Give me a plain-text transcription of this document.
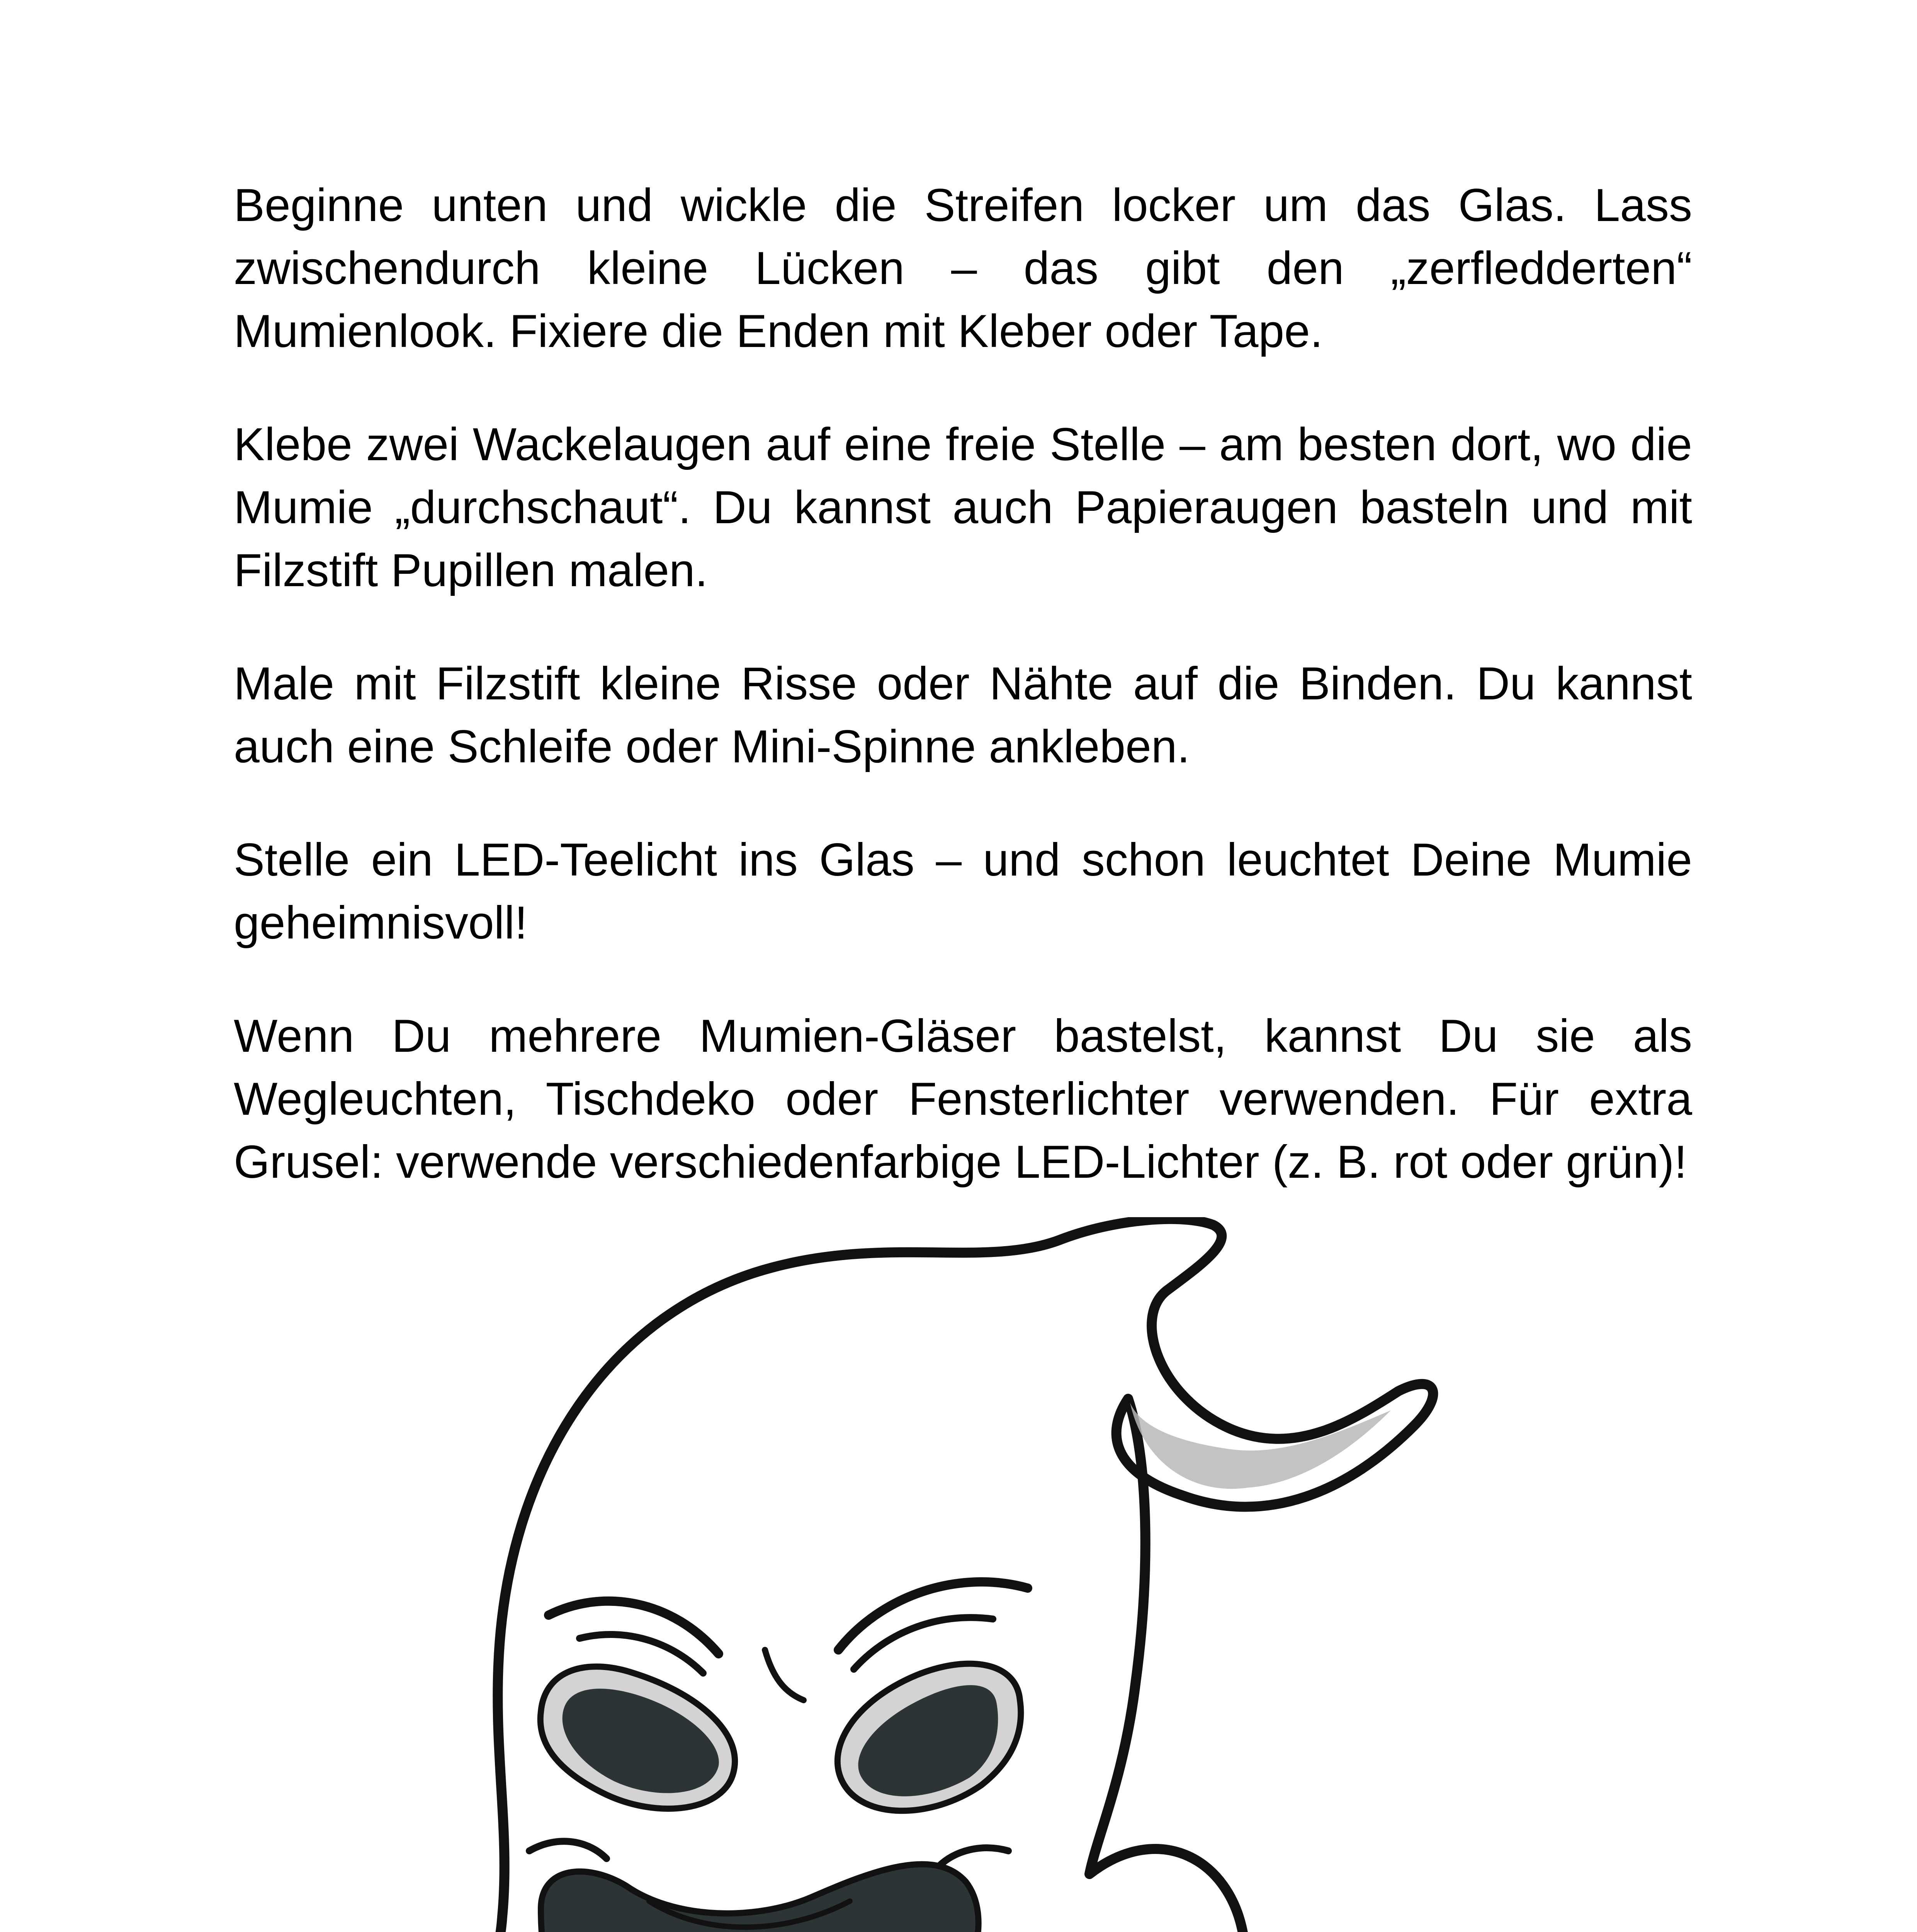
Beginne unten und wickle die Streifen locker um das Glas. Lass zwischendurch kleine Lücken – das gibt den „zerfledderten“ Mumienlook. Fixiere die Enden mit Kleber oder Tape.

Klebe zwei Wackelaugen auf eine freie Stelle – am besten dort, wo die Mumie „durchschaut“. Du kannst auch Papieraugen basteln und mit Filzstift Pupillen malen.

Male mit Filzstift kleine Risse oder Nähte auf die Binden. Du kannst auch eine Schleife oder Mini-Spinne ankleben.

Stelle ein LED-Teelicht ins Glas – und schon leuchtet Deine Mumie geheimnisvoll!

Wenn Du mehrere Mumien-Gläser bastelst, kannst Du sie als Wegleuchten, Tischdeko oder Fensterlichter verwenden. Für extra Grusel: verwende verschiedenfarbige LED-Lichter (z. B. rot oder grün)!
